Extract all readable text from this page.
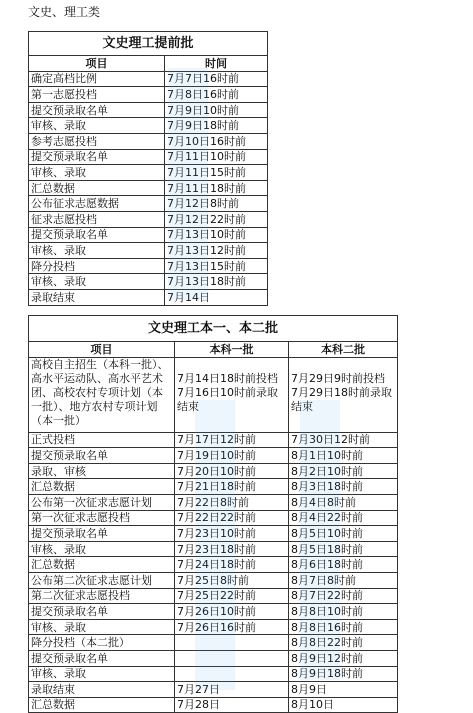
文史、理工类
文史理工提前批	
项目	时间
确定高档比例	7月7日16时前
第一志愿投档	7月8日16时前
提交预录取名单	7月9日10时前
审核、录取	7月9日18时前
参考志愿投档	7月10日16时前
提交预录取名单	7月11日10时前
审核、录取	7月11日15时前
汇总数据	7月11日18时前
公布征求志愿数据	7月12日8时前
征求志愿投档	7月12日22时前
提交预录取名单	7月13日10时前
审核、录取	7月13日12时前
降分投档	7月13日15时前
审核、录取	7月13日18时前
录取结束	7月14日
文史理工本一、本二批		
项目	本科一批	本科二批
高校自主招生（本科一批）、高水平运动队、高水平艺术团、高校农村专项计划（本一批）、地方农村专项计划（本一批）	7月14日18时前投档 7月16日10时前录取结束	7月29日9时前投档 7月29日18时前录取结束
正式投档	7月17日12时前	7月30日12时前
提交预录取名单	7月19日10时前	8月1日10时前
录取、审核	7月20日10时前	8月2日10时前
汇总数据	7月21日18时前	8月3日18时前
公布第一次征求志愿计划	7月22日8时前	8月4日8时前
第一次征求志愿投档	7月22日22时前	8月4日22时前
提交预录取名单	7月23日10时前	8月5日10时前
审核、录取	7月23日18时前	8月5日18时前
汇总数据	7月24日18时前	8月6日18时前
公布第二次征求志愿计划	7月25日8时前	8月7日8时前
第二次征求志愿投档	7月25日22时前	8月7日22时前
提交预录取名单	7月26日10时前	8月8日10时前
审核、录取	7月26日16时前	8月8日16时前
降分投档（本二批）		8月8日22时前
提交预录取名单		8月9日12时前
审核、录取		8月9日18时前
录取结束	7月27日	8月9日
汇总数据	7月28日	8月10日
